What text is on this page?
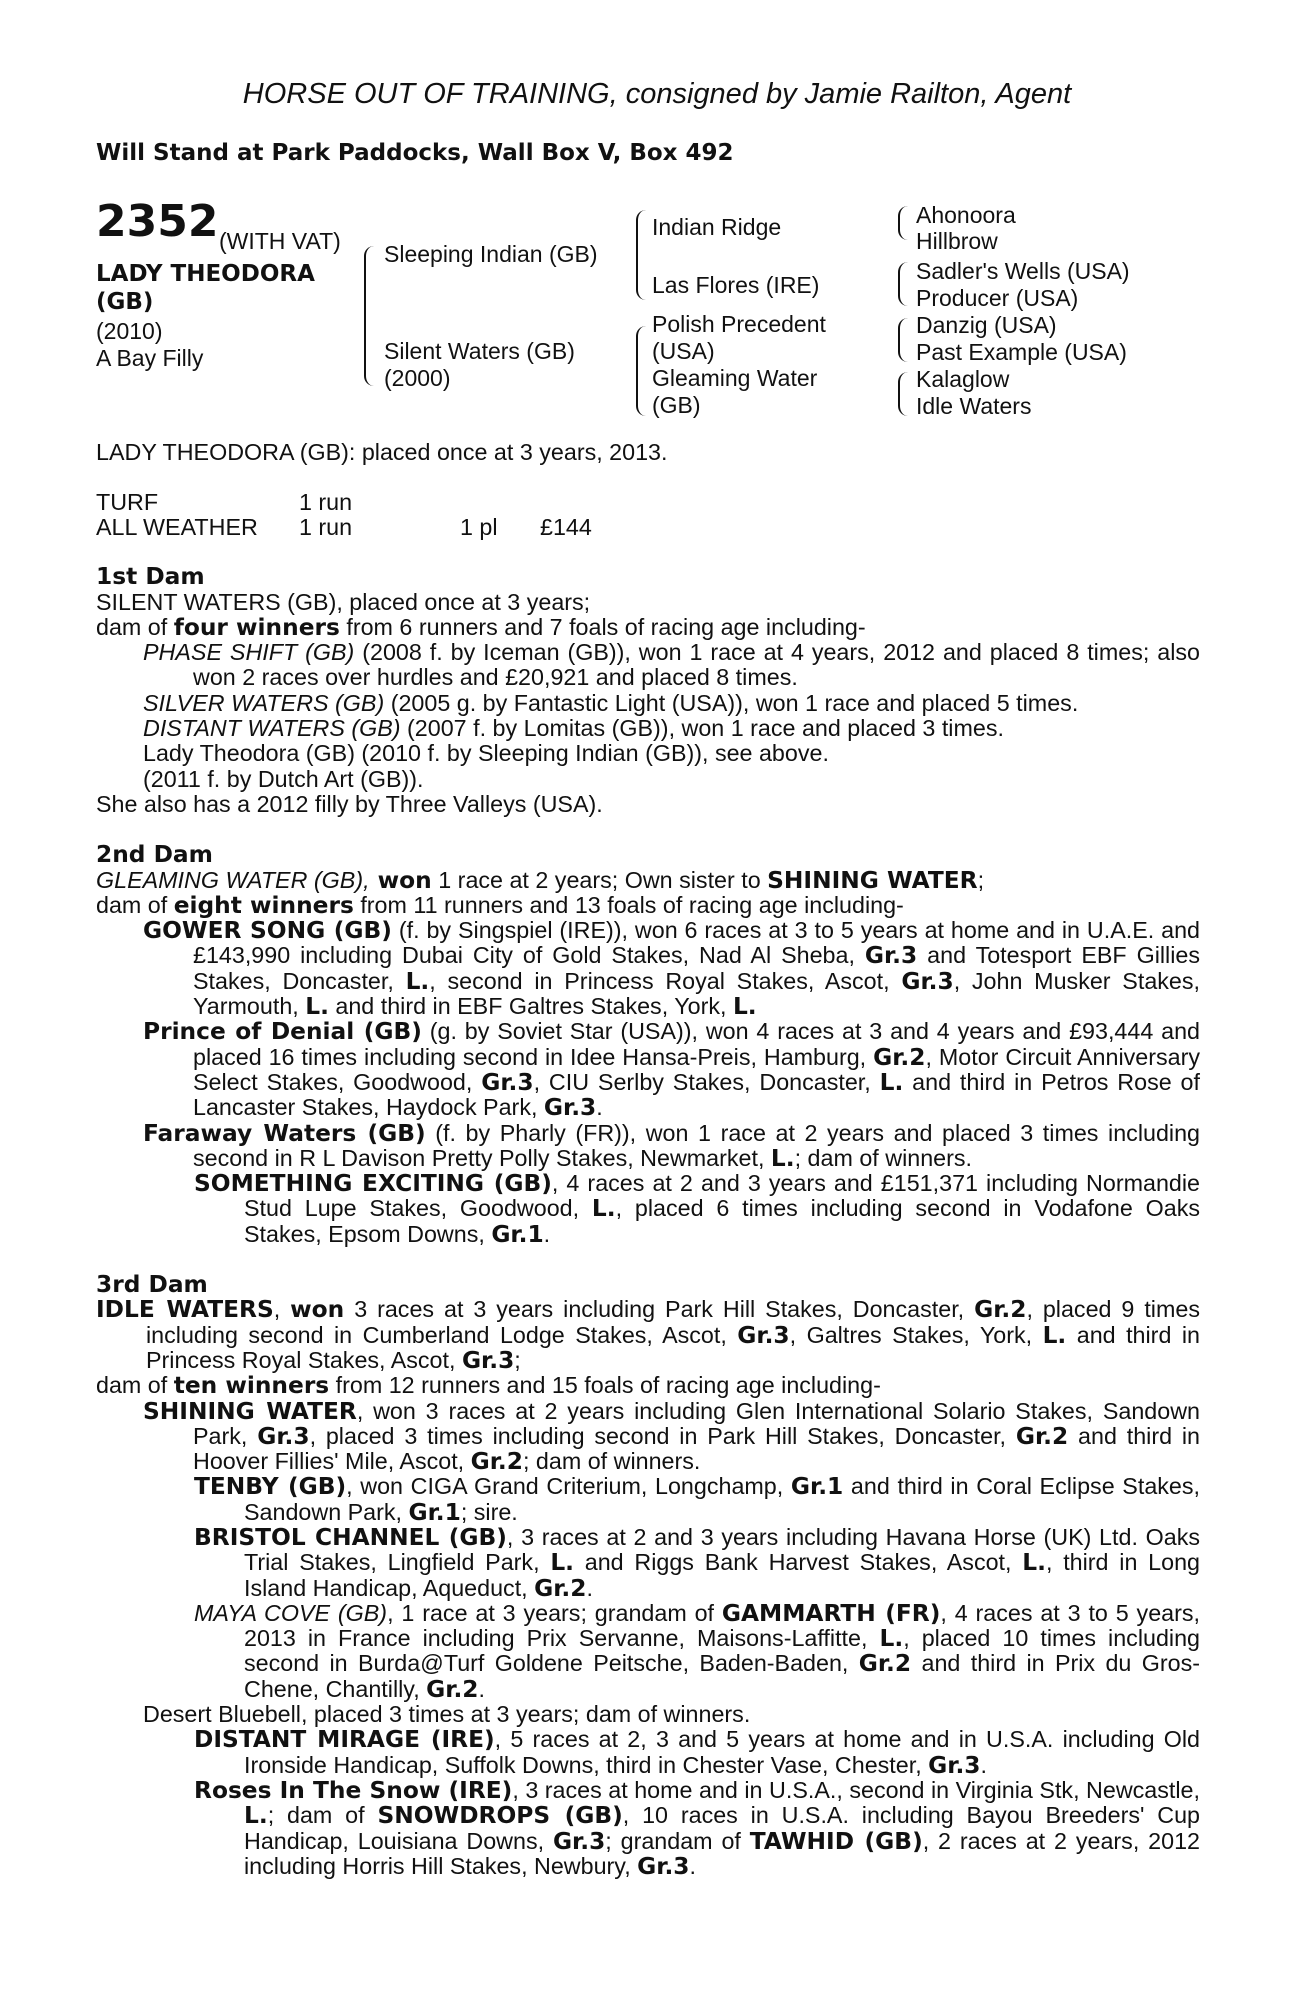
HORSE OUT OF TRAINING, consigned by Jamie Railton, Agent
Will Stand at Park Paddocks, Wall Box V, Box 492
2352 (WITH VAT)
LADY THEODORA
(GB)
(2010)
A Bay Filly
Sleeping Indian (GB)
Silent Waters (GB)
(2000)
Indian Ridge
Las Flores (IRE)
Polish Precedent
(USA)
Gleaming Water
(GB)
Ahonoora
Hillbrow
Sadler's Wells (USA)
Producer (USA)
Danzig (USA)
Past Example (USA)
Kalaglow
Idle Waters

LADY THEODORA (GB): placed once at 3 years, 2013.

TURF	1 run
ALL WEATHER 1 run	1 pl £144

1st Dam

SILENT WATERS (GB), placed once at 3 years;

dam of four winners from 6 runners and 7 foals of racing age including-

PHASE SHIFT (GB) (2008 f. by Iceman (GB)), won 1 race at 4 years, 2012 and placed 8 times; also won 2 races over hurdles and £20,921 and placed 8 times.

SILVER WATERS (GB) (2005 g. by Fantastic Light (USA)), won 1 race and placed 5 times.

DISTANT WATERS (GB) (2007 f. by Lomitas (GB)), won 1 race and placed 3 times.

Lady Theodora (GB) (2010 f. by Sleeping Indian (GB)), see above.

(2011 f. by Dutch Art (GB)).

She also has a 2012 filly by Three Valleys (USA).

2nd Dam

GLEAMING WATER (GB), won 1 race at 2 years; Own sister to SHINING WATER;

dam of eight winners from 11 runners and 13 foals of racing age including-

GOWER SONG (GB) (f. by Singspiel (IRE)), won 6 races at 3 to 5 years at home and in U.A.E. and £143,990 including Dubai City of Gold Stakes, Nad Al Sheba, Gr.3 and Totesport EBF Gillies Stakes, Doncaster, L., second in Princess Royal Stakes, Ascot, Gr.3, John Musker Stakes, Yarmouth, L. and third in EBF Galtres Stakes, York, L.

Prince of Denial (GB) (g. by Soviet Star (USA)), won 4 races at 3 and 4 years and £93,444 and placed 16 times including second in Idee Hansa-Preis, Hamburg, Gr.2, Motor Circuit Anniversary Select Stakes, Goodwood, Gr.3, CIU Serlby Stakes, Doncaster, L. and third in Petros Rose of Lancaster Stakes, Haydock Park, Gr.3.

Faraway Waters (GB) (f. by Pharly (FR)), won 1 race at 2 years and placed 3 times including second in R L Davison Pretty Polly Stakes, Newmarket, L.; dam of winners.

SOMETHING EXCITING (GB), 4 races at 2 and 3 years and £151,371 including Normandie Stud Lupe Stakes, Goodwood, L., placed 6 times including second in Vodafone Oaks Stakes, Epsom Downs, Gr.1.

3rd Dam

IDLE WATERS, won 3 races at 3 years including Park Hill Stakes, Doncaster, Gr.2, placed 9 times including second in Cumberland Lodge Stakes, Ascot, Gr.3, Galtres Stakes, York, L. and third in Princess Royal Stakes, Ascot, Gr.3;

dam of ten winners from 12 runners and 15 foals of racing age including-

SHINING WATER, won 3 races at 2 years including Glen International Solario Stakes, Sandown Park, Gr.3, placed 3 times including second in Park Hill Stakes, Doncaster, Gr.2 and third in Hoover Fillies' Mile, Ascot, Gr.2; dam of winners.

TENBY (GB), won CIGA Grand Criterium, Longchamp, Gr.1 and third in Coral Eclipse Stakes, Sandown Park, Gr.1; sire.

BRISTOL CHANNEL (GB), 3 races at 2 and 3 years including Havana Horse (UK) Ltd. Oaks Trial Stakes, Lingfield Park, L. and Riggs Bank Harvest Stakes, Ascot, L., third in Long Island Handicap, Aqueduct, Gr.2.

MAYA COVE (GB), 1 race at 3 years; grandam of GAMMARTH (FR), 4 races at 3 to 5 years, 2013 in France including Prix Servanne, Maisons-Laffitte, L., placed 10 times including second in Burda@Turf Goldene Peitsche, Baden-Baden, Gr.2 and third in Prix du Gros-Chene, Chantilly, Gr.2.

Desert Bluebell, placed 3 times at 3 years; dam of winners.

DISTANT MIRAGE (IRE), 5 races at 2, 3 and 5 years at home and in U.S.A. including Old Ironside Handicap, Suffolk Downs, third in Chester Vase, Chester, Gr.3.

Roses In The Snow (IRE), 3 races at home and in U.S.A., second in Virginia Stk, Newcastle, L.; dam of SNOWDROPS (GB), 10 races in U.S.A. including Bayou Breeders' Cup Handicap, Louisiana Downs, Gr.3; grandam of TAWHID (GB), 2 races at 2 years, 2012 including Horris Hill Stakes, Newbury, Gr.3.
